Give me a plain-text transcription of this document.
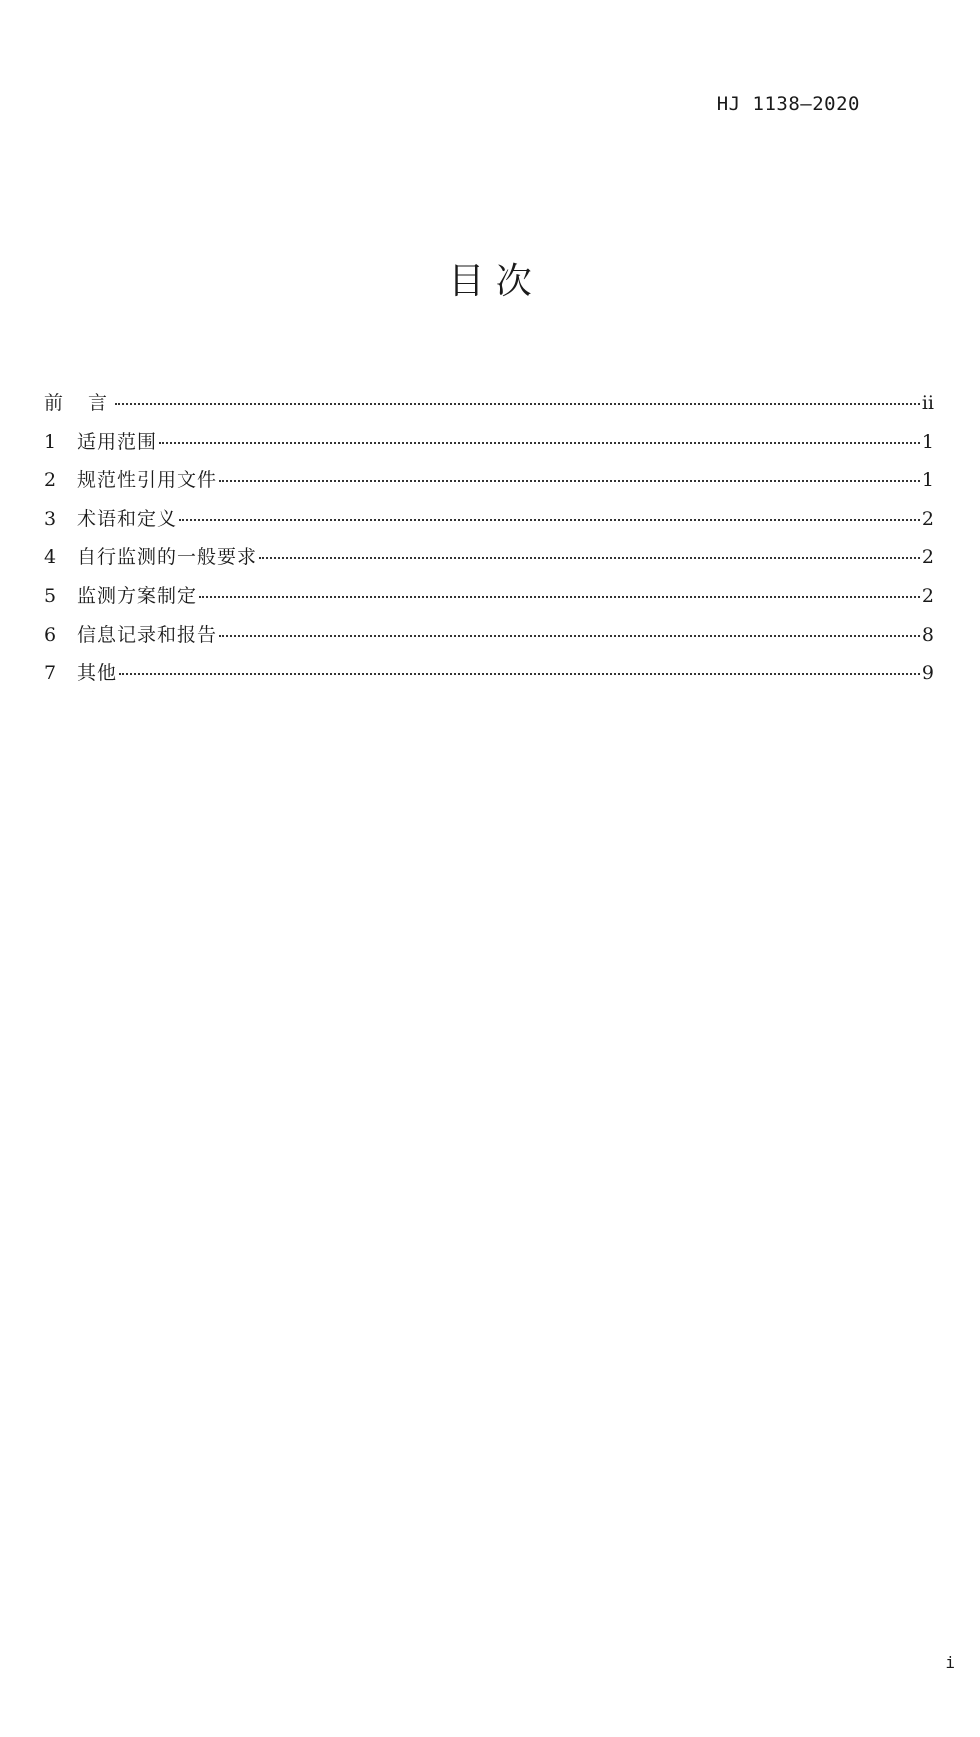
HJ 1138—2020
目 次
前言	ii
1	适用范围	1
2	规范性引用文件	1
3	术语和定义	2
4	自行监测的一般要求	2
5	监测方案制定	2
6	信息记录和报告	8
7	其他	9
i
